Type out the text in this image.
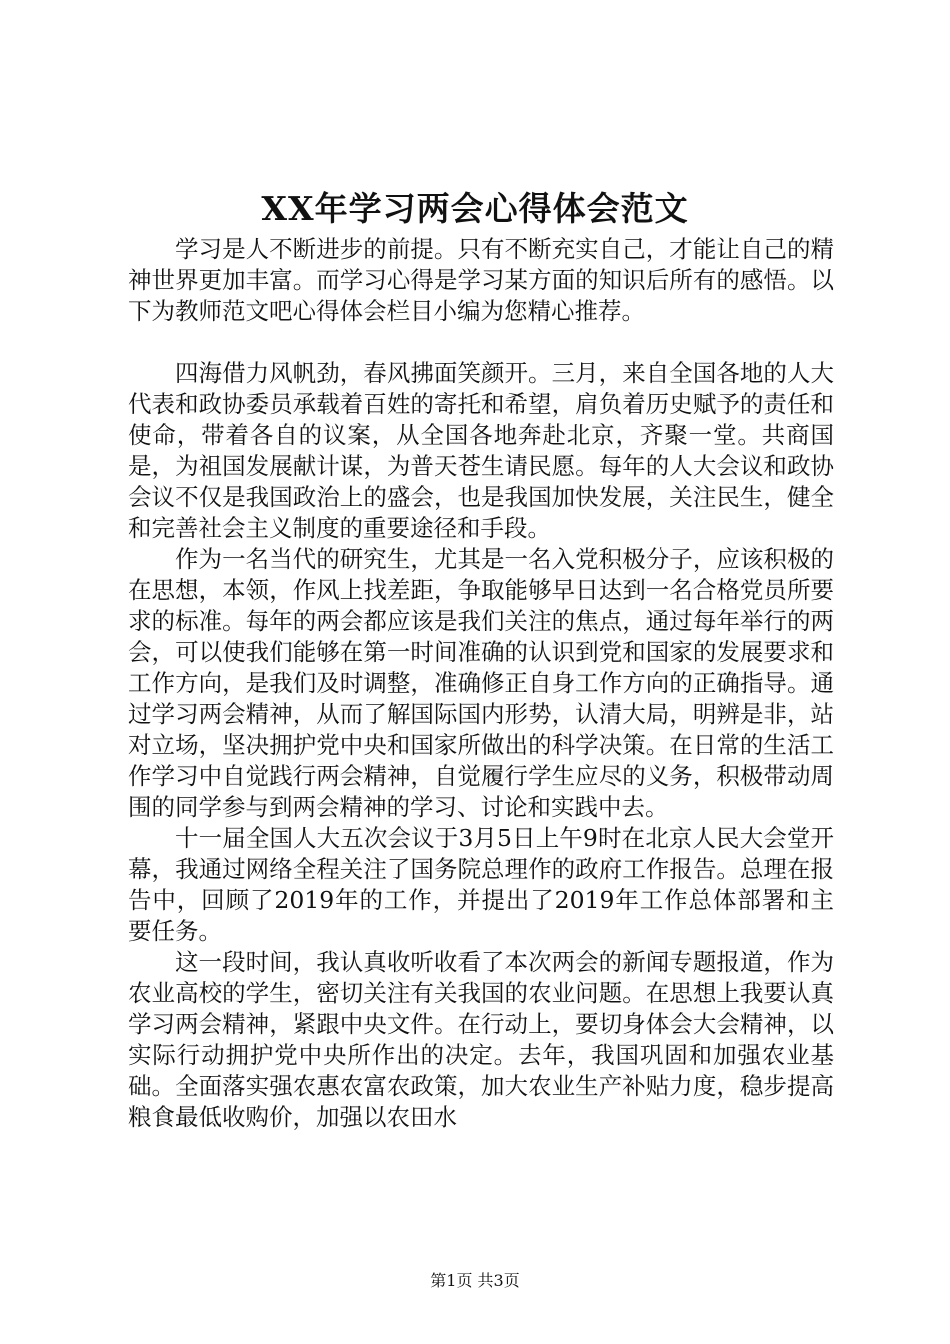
XX年学习两会心得体会范文

学习是人不断进步的前提。只有不断充实自己，才能让自己的精神世界更加丰富。而学习心得是学习某方面的知识后所有的感悟。以下为教师范文吧心得体会栏目小编为您精心推荐。

四海借力风帆劲，春风拂面笑颜开。三月，来自全国各地的人大代表和政协委员承载着百姓的寄托和希望，肩负着历史赋予的责任和使命，带着各自的议案，从全国各地奔赴北京，齐聚一堂。共商国是，为祖国发展献计谋，为普天苍生请民愿。每年的人大会议和政协会议不仅是我国政治上的盛会，也是我国加快发展，关注民生，健全和完善社会主义制度的重要途径和手段。

作为一名当代的研究生，尤其是一名入党积极分子，应该积极的在思想，本领，作风上找差距，争取能够早日达到一名合格党员所要求的标准。每年的两会都应该是我们关注的焦点，通过每年举行的两会，可以使我们能够在第一时间准确的认识到党和国家的发展要求和工作方向，是我们及时调整，准确修正自身工作方向的正确指导。通过学习两会精神，从而了解国际国内形势，认清大局，明辨是非，站对立场，坚决拥护党中央和国家所做出的科学决策。在日常的生活工作学习中自觉践行两会精神，自觉履行学生应尽的义务，积极带动周围的同学参与到两会精神的学习、讨论和实践中去。

十一届全国人大五次会议于3月5日上午9时在北京人民大会堂开幕，我通过网络全程关注了国务院总理作的政府工作报告。总理在报告中，回顾了2019年的工作，并提出了2019年工作总体部署和主要任务。

这一段时间，我认真收听收看了本次两会的新闻专题报道，作为农业高校的学生，密切关注有关我国的农业问题。在思想上我要认真学习两会精神，紧跟中央文件。在行动上，要切身体会大会精神，以实际行动拥护党中央所作出的决定。去年，我国巩固和加强农业基础。全面落实强农惠农富农政策，加大农业生产补贴力度，稳步提高粮食最低收购价，加强以农田水

第1页 共3页
